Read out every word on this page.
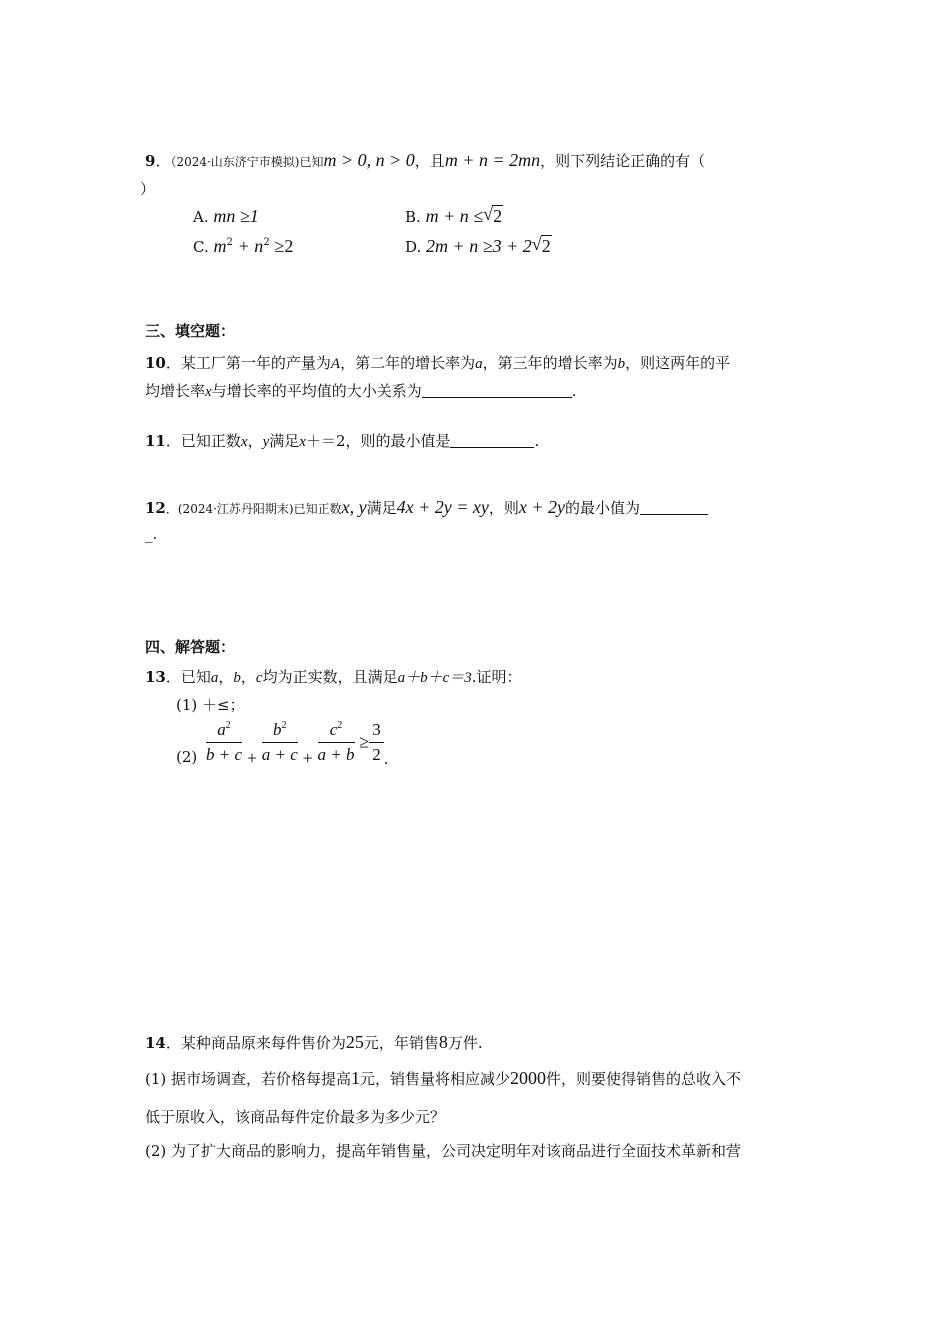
9．（2024·山东济宁市模拟)已知m > 0, n > 0，且m + n = 2mn，则下列结论正确的有（
）
A. mn ≥1	B. m + n ≤ √ 2
C. $m^2 + n^2 \ge 2$	D. 2m + n ≥3 + 2 √ 2
三、填空题：
10．某工厂第一年的产量为A，第二年的增长率为a，第三年的增长率为b，则这两年的平
均增长率x与增长率的平均值的大小关系为	.
11．已知正数x，y满足x＋＝2，则的最小值是	.
12．(2024·江苏丹阳期末)已知正数x, y满足4x + 2y = xy，则x + 2y的最小值为
_.
四、解答题：
13．已知a，b，c均为正实数，且满足a＋b＋c＝3.证明：
(1) ＋≤；
$(2) \frac{a^2}{b + c} + \frac{b^2}{a + c} + \frac{c^2}{a + b} \ge \frac{3}{2}$ .
14．某种商品原来每件售价为25元，年销售8万件.
(1) 据市场调查，若价格每提高1元，销售量将相应减少2000件，则要使得销售的总收入不
低于原收入，该商品每件定价最多为多少元？
(2) 为了扩大商品的影响力，提高年销售量，公司决定明年对该商品进行全面技术革新和营
